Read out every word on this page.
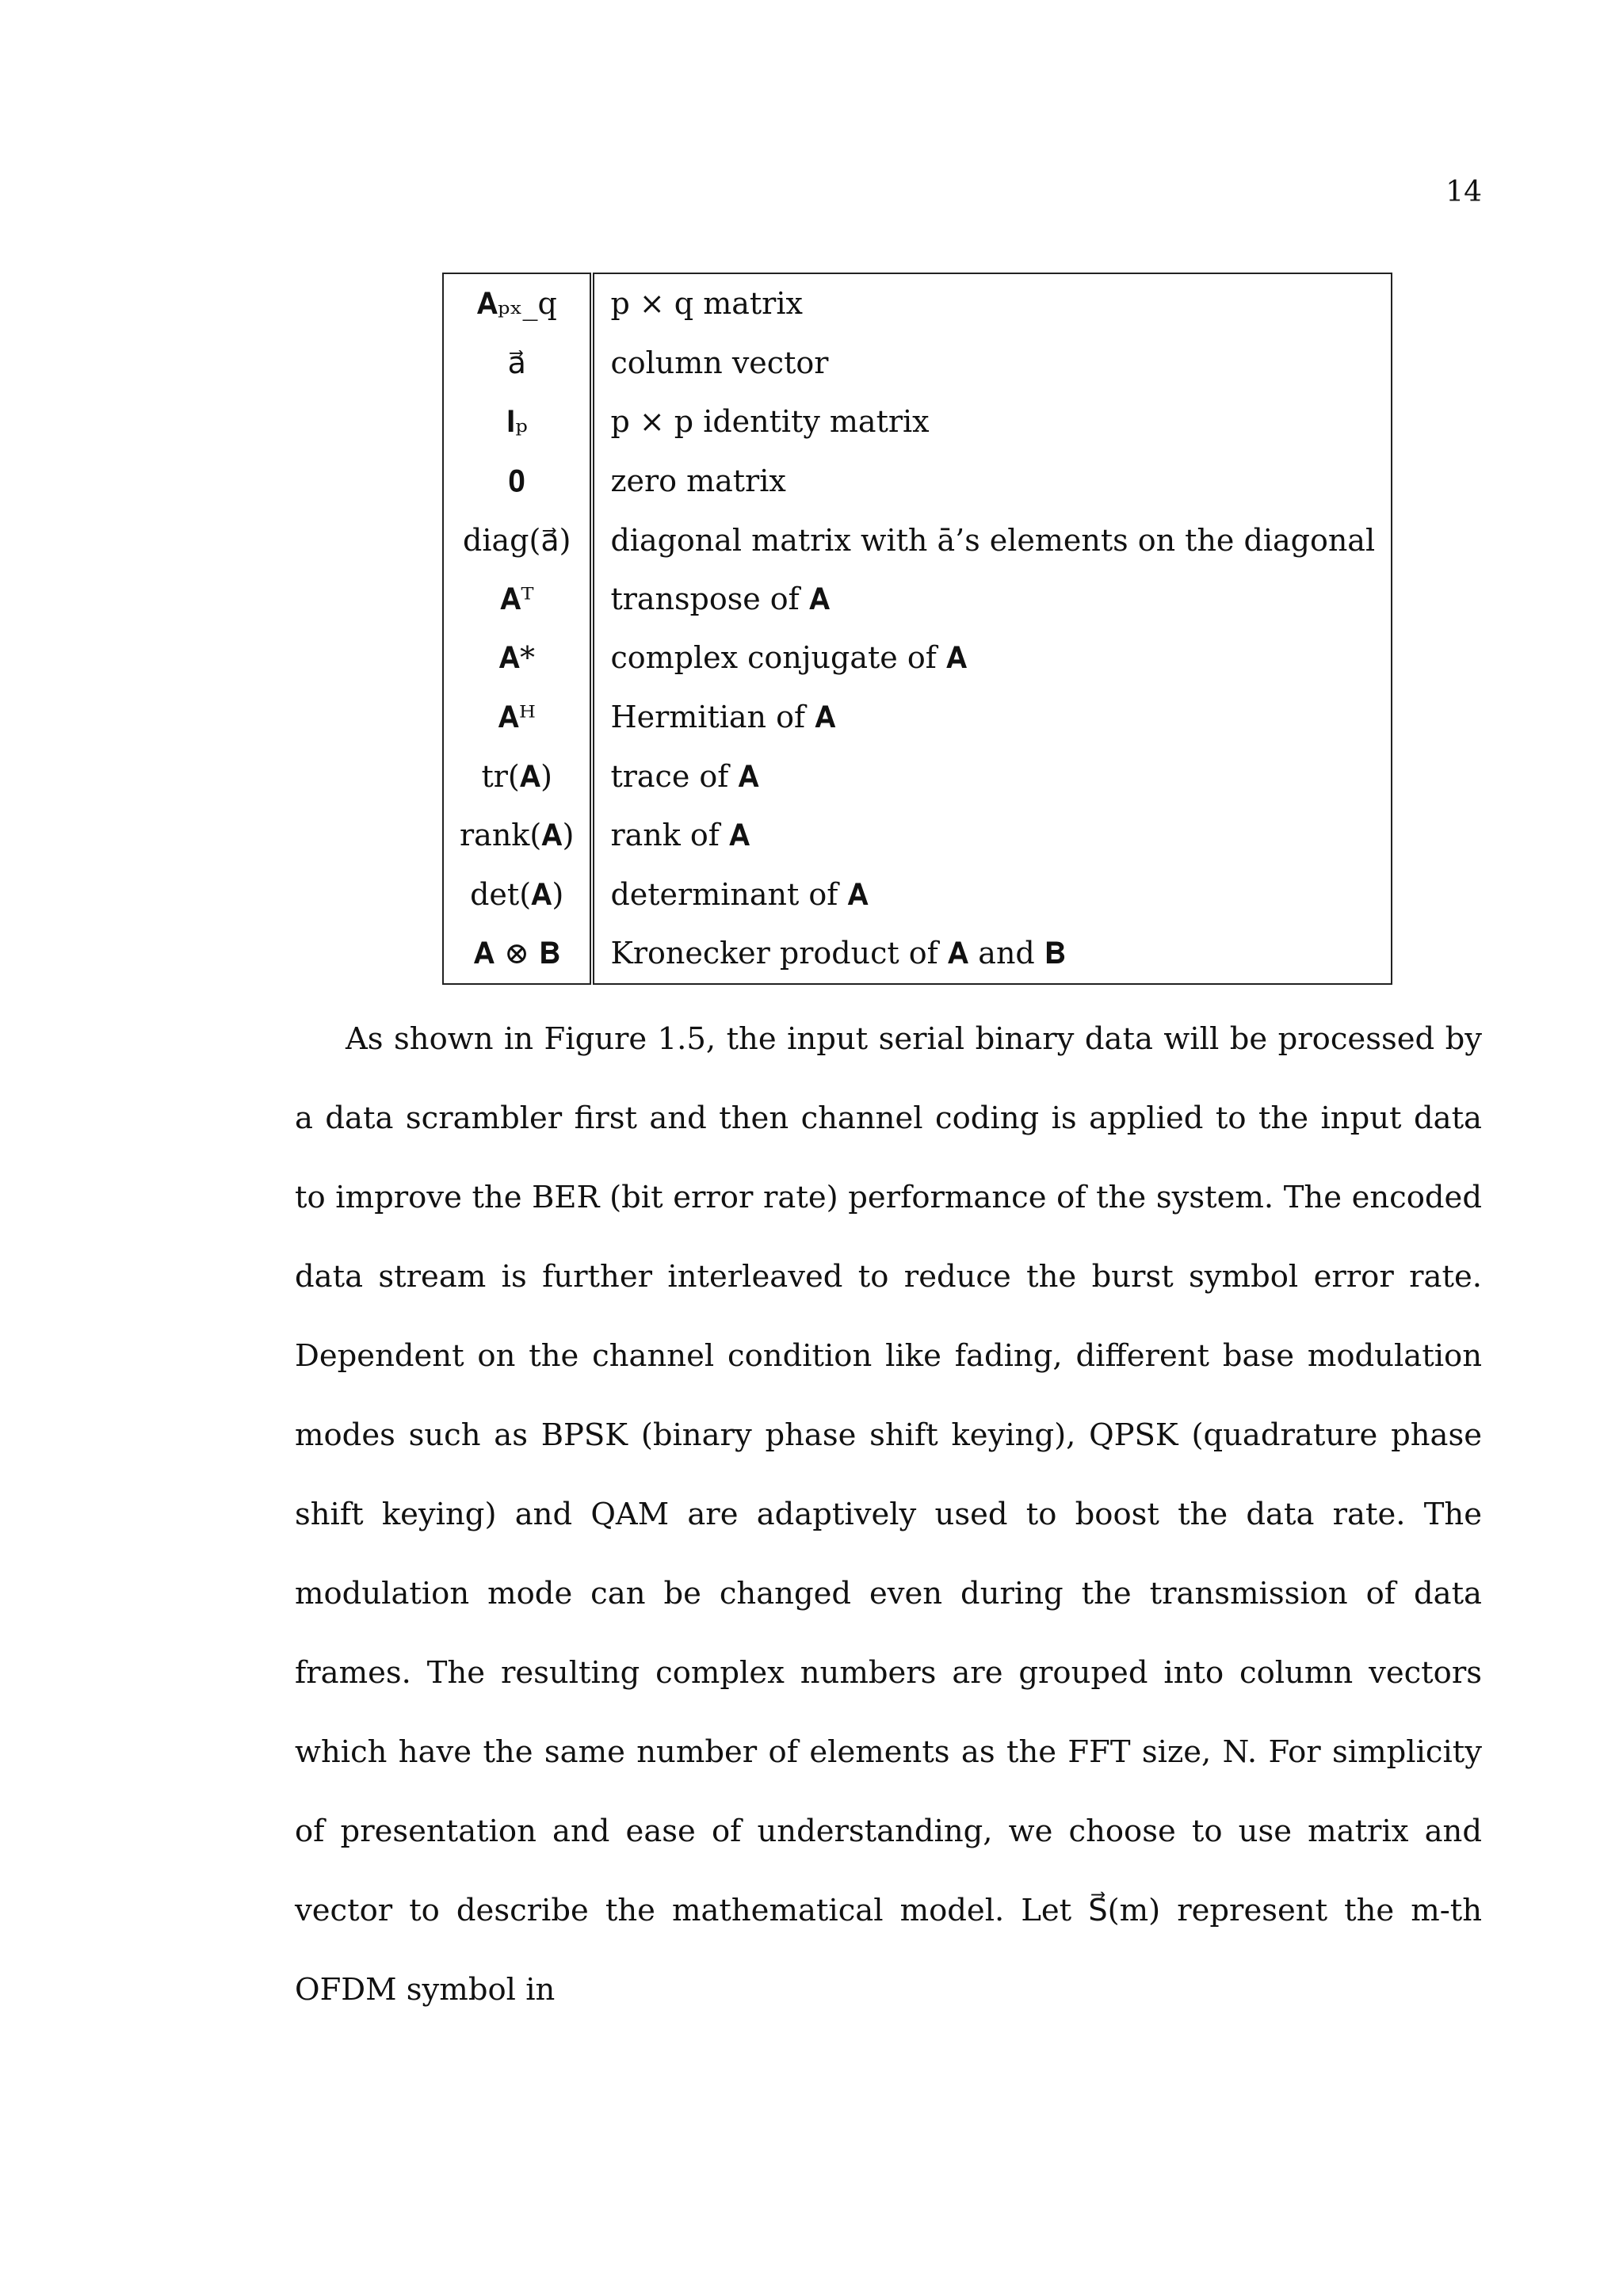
14
𝐀ₚₓ_q	p × q matrix
a⃗	column vector
𝐈ₚ	p × p identity matrix
𝟎	zero matrix
diag(a⃗)	diagonal matrix with ā’s elements on the diagonal
𝐀ᵀ	transpose of 𝐀
𝐀*	complex conjugate of 𝐀
𝐀ᴴ	Hermitian of 𝐀
tr(𝐀)	trace of 𝐀
rank(𝐀)	rank of 𝐀
det(𝐀)	determinant of 𝐀
𝐀 ⊗ 𝐁	Kronecker product of 𝐀 and 𝐁

As shown in Figure 1.5, the input serial binary data will be processed by a data scrambler first and then channel coding is applied to the input data to improve the BER (bit error rate) performance of the system. The encoded data stream is further interleaved to reduce the burst symbol error rate. Dependent on the channel condition like fading, different base modulation modes such as BPSK (binary phase shift keying), QPSK (quadrature phase shift keying) and QAM are adaptively used to boost the data rate. The modulation mode can be changed even during the transmission of data frames. The resulting complex numbers are grouped into column vectors which have the same number of elements as the FFT size, N. For simplicity of presentation and ease of understanding, we choose to use matrix and vector to describe the mathematical model. Let S⃗(m) represent the m-th OFDM symbol in
